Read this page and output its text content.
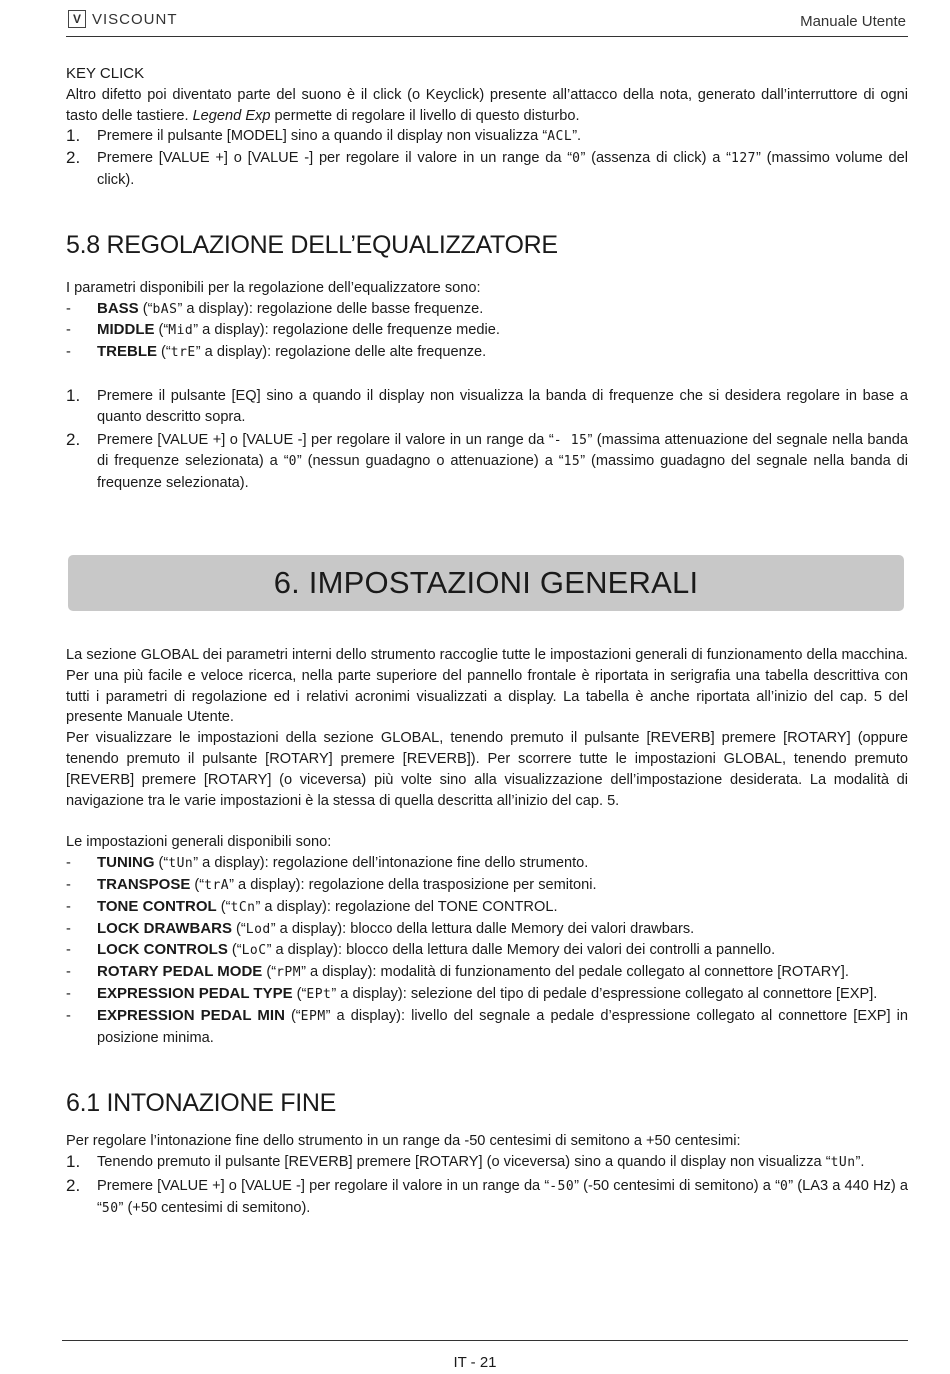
V VISCOUNT	Manuale Utente

KEY CLICK

Altro difetto poi diventato parte del suono è il click (o Keyclick) presente all’attacco della nota, generato dall’interruttore di ogni tasto delle tastiere. Legend Exp permette di regolare il livello di questo disturbo.

1. Premere il pulsante [MODEL] sino a quando il display non visualizza “ACL”.
2. Premere [VALUE +] o [VALUE -] per regolare il valore in un range da “0” (assenza di click) a “127” (massimo volume del click).
5.8 REGOLAZIONE DELL’EQUALIZZATORE

I parametri disponibili per la regolazione dell’equalizzatore sono:

- BASS (“bAS” a display): regolazione delle basse frequenze.
- MIDDLE (“Mid” a display): regolazione delle frequenze medie.
- TREBLE (“trE” a display): regolazione delle alte frequenze.
1. Premere il pulsante [EQ] sino a quando il display non visualizza la banda di frequenze che si desidera regolare in base a quanto descritto sopra.
2. Premere [VALUE +] o [VALUE -] per regolare il valore in un range da “- 15” (massima attenuazione del segnale nella banda di frequenze selezionata) a “0” (nessun guadagno o attenuazione) a “15” (massimo guadagno del segnale nella banda di frequenze selezionata).
6. IMPOSTAZIONI GENERALI

La sezione GLOBAL dei parametri interni dello strumento raccoglie tutte le impostazioni generali di funzionamento della macchina. Per una più facile e veloce ricerca, nella parte superiore del pannello frontale è riportata in serigrafia una tabella descrittiva con tutti i parametri di regolazione ed i relativi acronimi visualizzati a display. La tabella è anche riportata all’inizio del cap. 5 del presente Manuale Utente.

Per visualizzare le impostazioni della sezione GLOBAL, tenendo premuto il pulsante [REVERB] premere [ROTARY] (oppure tenendo premuto il pulsante [ROTARY] premere [REVERB]). Per scorrere tutte le impostazioni GLOBAL, tenendo premuto [REVERB] premere [ROTARY] (o viceversa) più volte sino alla visualizzazione dell’impostazione desiderata. La modalità di navigazione tra le varie impostazioni è la stessa di quella descritta all’inizio del cap. 5.

Le impostazioni generali disponibili sono:

- TUNING (“tUn” a display): regolazione dell’intonazione fine dello strumento.
- TRANSPOSE (“trA” a display): regolazione della trasposizione per semitoni.
- TONE CONTROL (“tCn” a display): regolazione del TONE CONTROL.
- LOCK DRAWBARS (“Lod” a display): blocco della lettura dalle Memory dei valori drawbars.
- LOCK CONTROLS (“LoC” a display): blocco della lettura dalle Memory dei valori dei controlli a pannello.
- ROTARY PEDAL MODE (“rPM” a display): modalità di funzionamento del pedale collegato al connettore [ROTARY].
- EXPRESSION PEDAL TYPE (“EPt” a display): selezione del tipo di pedale d’espressione collegato al connettore [EXP].
- EXPRESSION PEDAL MIN (“EPM” a display): livello del segnale a pedale d’espressione collegato al connettore [EXP] in posizione minima.
6.1 INTONAZIONE FINE

Per regolare l’intonazione fine dello strumento in un range da -50 centesimi di semitono a +50 centesimi:

1. Tenendo premuto il pulsante [REVERB] premere [ROTARY] (o viceversa) sino a quando il display non visualizza “tUn”.
2. Premere [VALUE +] o [VALUE -] per regolare il valore in un range da “-50” (-50 centesimi di semitono) a “0” (LA3 a 440 Hz) a “50” (+50 centesimi di semitono).
IT - 21
